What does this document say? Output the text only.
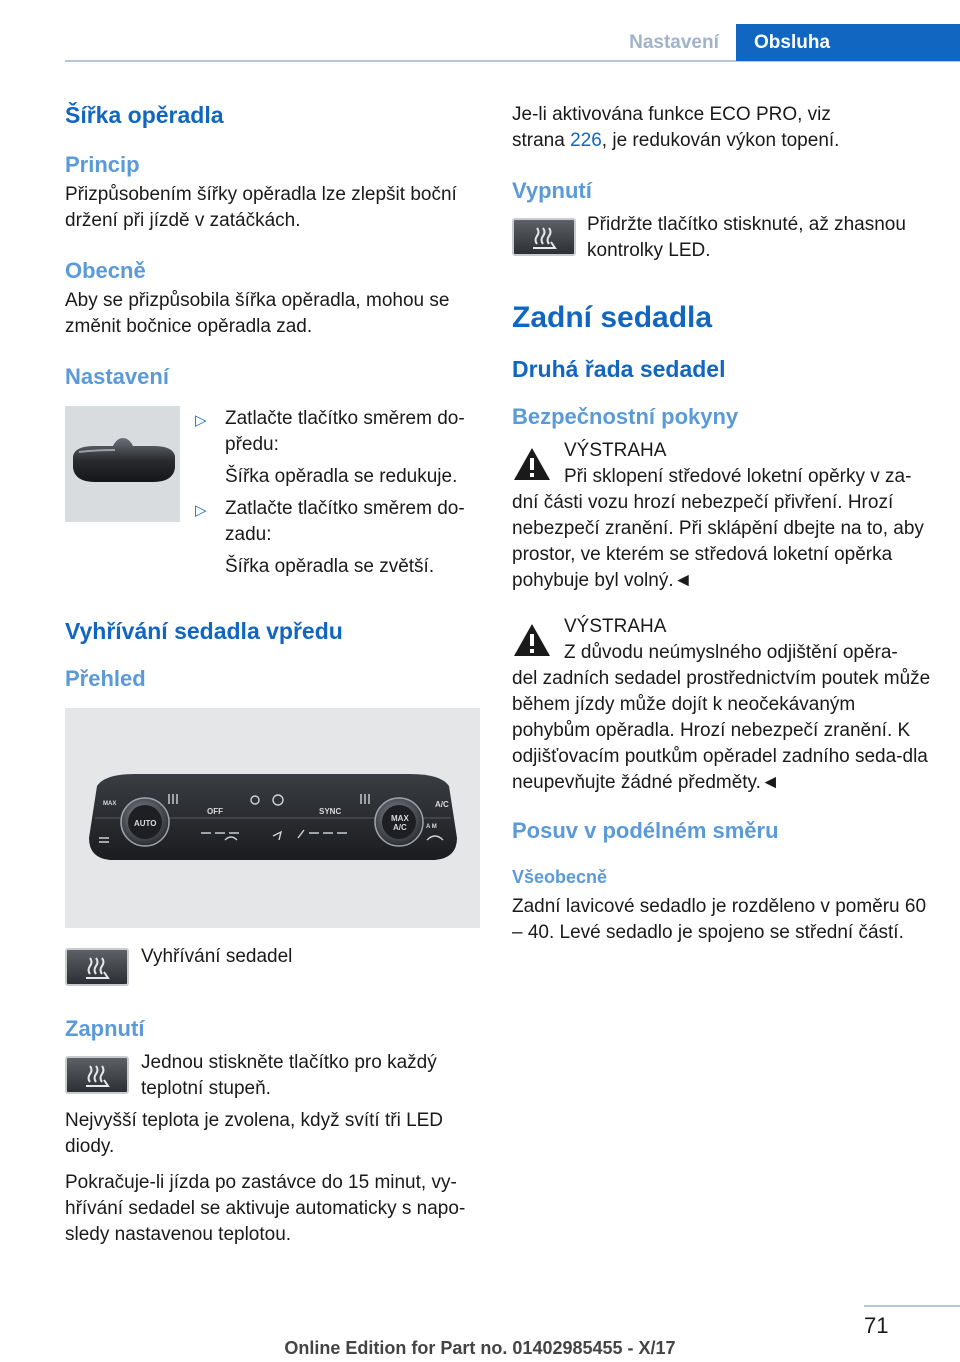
Nastavení	Obsluha
Šířka opěradla
Princip

Přizpůsobením šířky opěradla lze zlepšit boční držení při jízdě v zatáčkách.

Obecně

Aby se přizpůsobila šířka opěradla, mohou se změnit bočnice opěradla zad.

Nastavení
▷ Zatlačte tlačítko směrem do-předu:

Šířka opěradla se redukuje.

▷ Zatlačte tlačítko směrem do-zadu:

Šířka opěradla se zvětší.

Vyhřívání sedadla vpředu
Přehled
AUTO
OFF	SYNC
A/C
MAX
A/C
MAX
A M

Vyhřívání sedadel

Zapnutí

Jednou stiskněte tlačítko pro každý teplotní stupeň.

Nejvyšší teplota je zvolena, když svítí tři LED diody.

Pokračuje-li jízda po zastávce do 15 minut, vy-hřívání sedadel se aktivuje automaticky s napo-sledy nastavenou teplotou.

Je-li aktivována funkce ECO PRO, viz

strana 226, je redukován výkon topení.

Vypnutí

Přidržte tlačítko stisknuté, až zhasnou kontrolky LED.

Zadní sedadla
Druhá řada sedadel
Bezpečnostní pokyny

VÝSTRAHA

Při sklopení středové loketní opěrky v za-

dní části vozu hrozí nebezpečí přivření. Hrozí nebezpečí zranění. Při sklápění dbejte na to, aby prostor, ve kterém se středová loketní opěrka pohybuje byl volný.◄

VÝSTRAHA

Z důvodu neúmyslného odjištění opěra-

del zadních sedadel prostřednictvím poutek může během jízdy může dojít k neočekávaným pohybům opěradla. Hrozí nebezpečí zranění. K odjišťovacím poutkům opěradel zadního seda-dla neupevňujte žádné předměty.◄

Posuv v podélném směru
Všeobecně

Zadní lavicové sedadlo je rozděleno v poměru 60 – 40. Levé sedadlo je spojeno se střední částí.

71
Online Edition for Part no. 01402985455 - X/17
